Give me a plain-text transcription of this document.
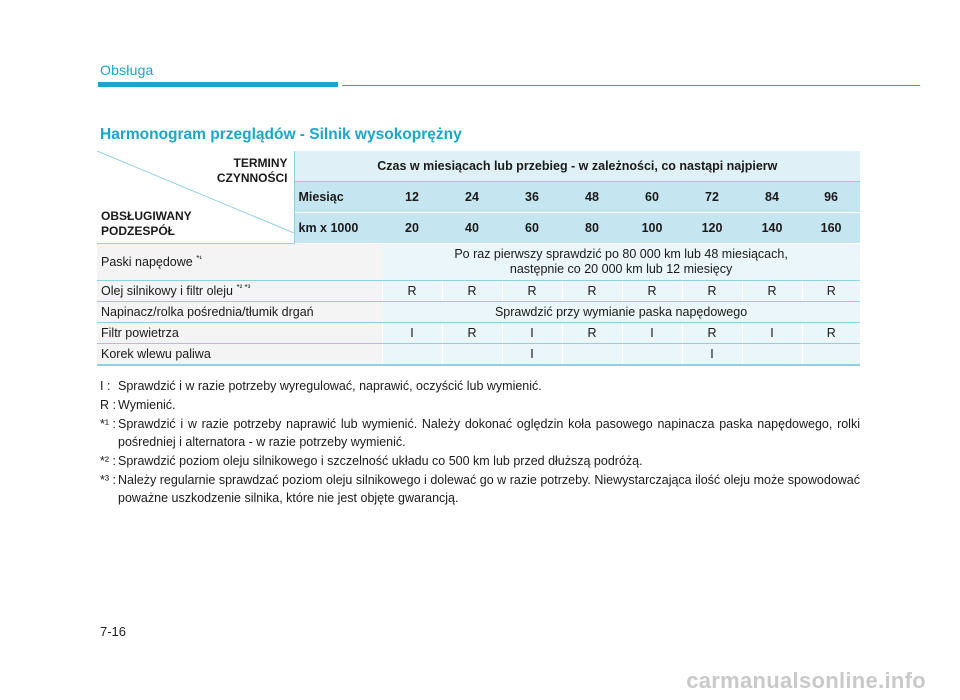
Obsługa
Harmonogram przeglądów - Silnik wysokoprężny
TERMINY
CZYNNOŚCI
OBSŁUGIWANY
PODZESPÓŁ	Czas w miesiącach lub przebieg - w zależności, co nastąpi najpierw								
	Miesiąc	12	24	36	48	60	72	84	96
	km x 1000	20	40	60	80	100	120	140	160
Paski napędowe $^{*^1}$		Po raz pierwszy sprawdzić po 80 000 km lub 48 miesiącach,
następnie co 20 000 km lub 12 miesięcy							

Olej silnikowy i filtr oleju $^{*^2 *^3}$		R	R	R	R	R	R	R	R
Napinacz/rolka pośrednia/tłumik drgań		Sprawdzić przy wymianie paska napędowego							

Filtr powietrza		I	R	I	R	I	R	I	R
Korek wlewu paliwa				I			I		
I : Sprawdzić i w razie potrzeby wyregulować, naprawić, oczyścić lub wymienić.
R : Wymienić.
*¹ : Sprawdzić i w razie potrzeby naprawić lub wymienić. Należy dokonać oględzin koła pasowego napinacza paska napędowego, rolki pośredniej i alternatora - w razie potrzeby wymienić.
*² : Sprawdzić poziom oleju silnikowego i szczelność układu co 500 km lub przed dłuższą podróżą.
*³ : Należy regularnie sprawdzać poziom oleju silnikowego i dolewać go w razie potrzeby. Niewystarczająca ilość oleju może spowodować poważne uszkodzenie silnika, które nie jest objęte gwarancją.
7-16
carmanualsonline.info
